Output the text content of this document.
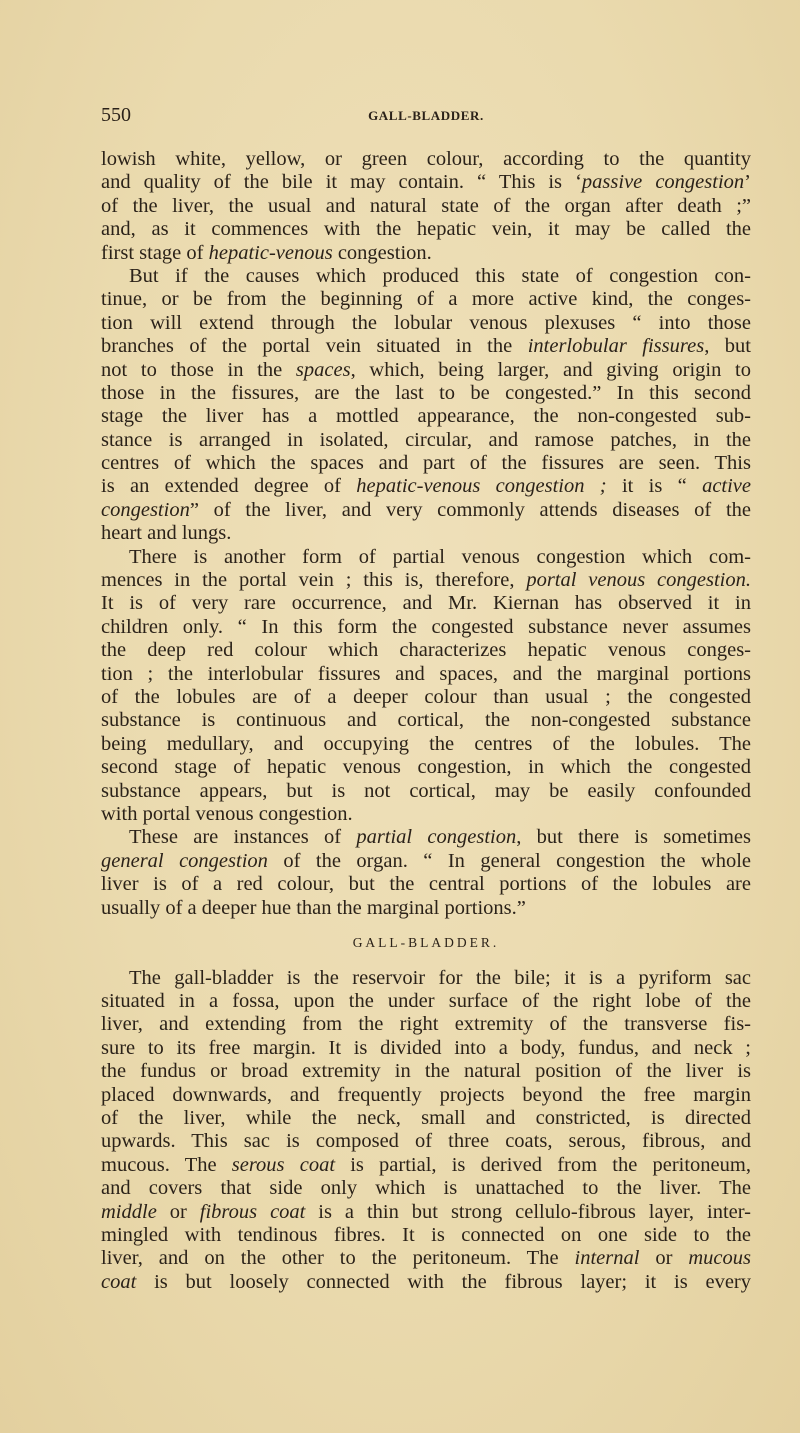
550	GALL-BLADDER.
lowish white, yellow, or green colour, according to the quantity
and quality of the bile it may contain. “ This is ‘passive congestion’
of the liver, the usual and natural state of the organ after death ;”
and, as it commences with the hepatic vein, it may be called the
first stage of hepatic-venous congestion.
But if the causes which produced this state of congestion con-
tinue, or be from the beginning of a more active kind, the conges-
tion will extend through the lobular venous plexuses “ into those
branches of the portal vein situated in the interlobular fissures, but
not to those in the spaces, which, being larger, and giving origin to
those in the fissures, are the last to be congested.” In this second
stage the liver has a mottled appearance, the non-congested sub-
stance is arranged in isolated, circular, and ramose patches, in the
centres of which the spaces and part of the fissures are seen. This
is an extended degree of hepatic-venous congestion ; it is “ active
congestion” of the liver, and very commonly attends diseases of the
heart and lungs.
There is another form of partial venous congestion which com-
mences in the portal vein ; this is, therefore, portal venous congestion.
It is of very rare occurrence, and Mr. Kiernan has observed it in
children only. “ In this form the congested substance never assumes
the deep red colour which characterizes hepatic venous conges-
tion ; the interlobular fissures and spaces, and the marginal portions
of the lobules are of a deeper colour than usual ; the congested
substance is continuous and cortical, the non-congested substance
being medullary, and occupying the centres of the lobules. The
second stage of hepatic venous congestion, in which the congested
substance appears, but is not cortical, may be easily confounded
with portal venous congestion.
These are instances of partial congestion, but there is sometimes
general congestion of the organ. “ In general congestion the whole
liver is of a red colour, but the central portions of the lobules are
usually of a deeper hue than the marginal portions.”
GALL-BLADDER.
The gall-bladder is the reservoir for the bile; it is a pyriform sac
situated in a fossa, upon the under surface of the right lobe of the
liver, and extending from the right extremity of the transverse fis-
sure to its free margin. It is divided into a body, fundus, and neck ;
the fundus or broad extremity in the natural position of the liver is
placed downwards, and frequently projects beyond the free margin
of the liver, while the neck, small and constricted, is directed
upwards. This sac is composed of three coats, serous, fibrous, and
mucous. The serous coat is partial, is derived from the peritoneum,
and covers that side only which is unattached to the liver. The
middle or fibrous coat is a thin but strong cellulo-fibrous layer, inter-
mingled with tendinous fibres. It is connected on one side to the
liver, and on the other to the peritoneum. The internal or mucous
coat is but loosely connected with the fibrous layer; it is every
